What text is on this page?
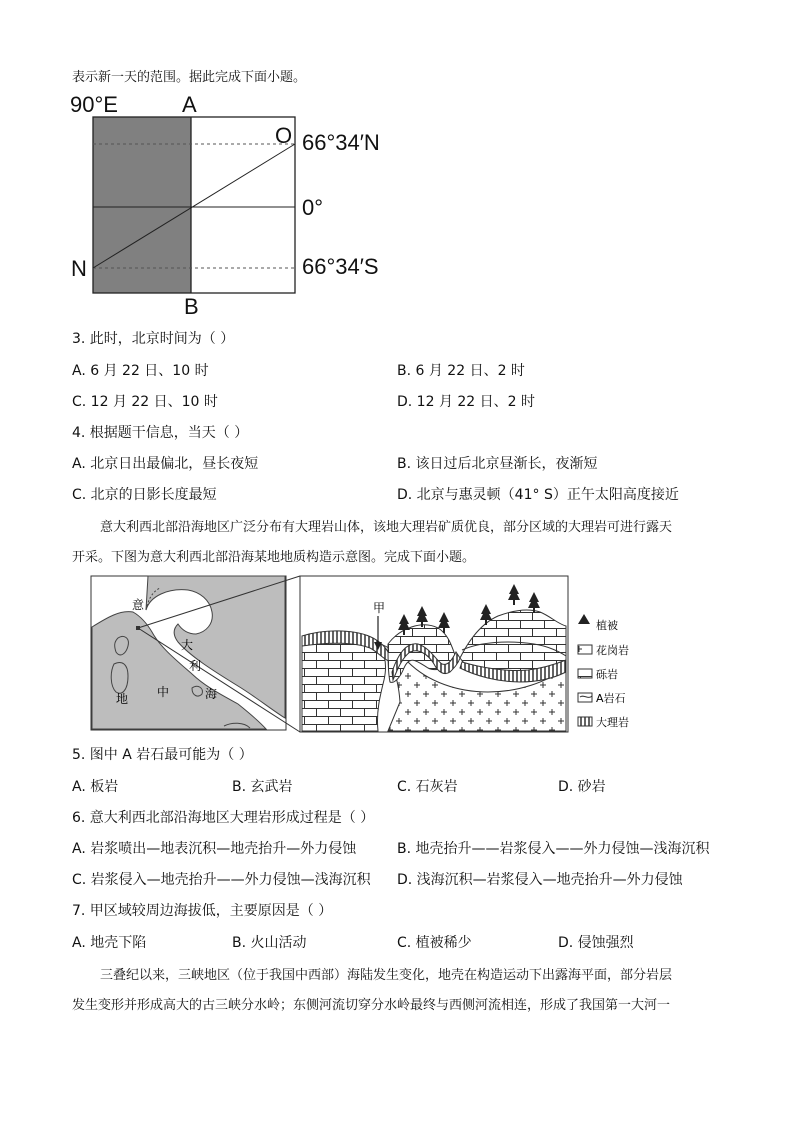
表示新一天的范围。据此完成下面小题。
90°E	A
O 66°34′N
0°
N	66°34′S
B
3. 此时，北京时间为（ ）
A. 6 月 22 日、10 时	B. 6 月 22 日、2 时
C. 12 月 22 日、10 时	D. 12 月 22 日、2 时
4. 根据题干信息，当天（ ）
A. 北京日出最偏北，昼长夜短	B. 该日过后北京昼渐长，夜渐短
C. 北京的日影长度最短	D. 北京与惠灵顿（41° S）正午太阳高度接近
意大利西北部沿海地区广泛分布有大理岩山体，该地大理岩矿质优良，部分区域的大理岩可进行露天
开采。下图为意大利西北部沿海某地地质构造示意图。完成下面小题。
意
大
利
地 中	海
甲
植被
花岗岩
砾岩
A岩石
大理岩
5. 图中 A 岩石最可能为（ ）
A. 板岩	B. 玄武岩	C. 石灰岩	D. 砂岩
6. 意大利西北部沿海地区大理岩形成过程是（ ）
A. 岩浆喷出—地表沉积—地壳抬升—外力侵蚀	B. 地壳抬升——岩浆侵入——外力侵蚀—浅海沉积
C. 岩浆侵入—地壳抬升——外力侵蚀—浅海沉积 D. 浅海沉积—岩浆侵入—地壳抬升—外力侵蚀
7. 甲区域较周边海拔低，主要原因是（ ）
A. 地壳下陷	B. 火山活动	C. 植被稀少	D. 侵蚀强烈
三叠纪以来，三峡地区（位于我国中西部）海陆发生变化，地壳在构造运动下出露海平面，部分岩层
发生变形并形成高大的古三峡分水岭；东侧河流切穿分水岭最终与西侧河流相连，形成了我国第一大河一
